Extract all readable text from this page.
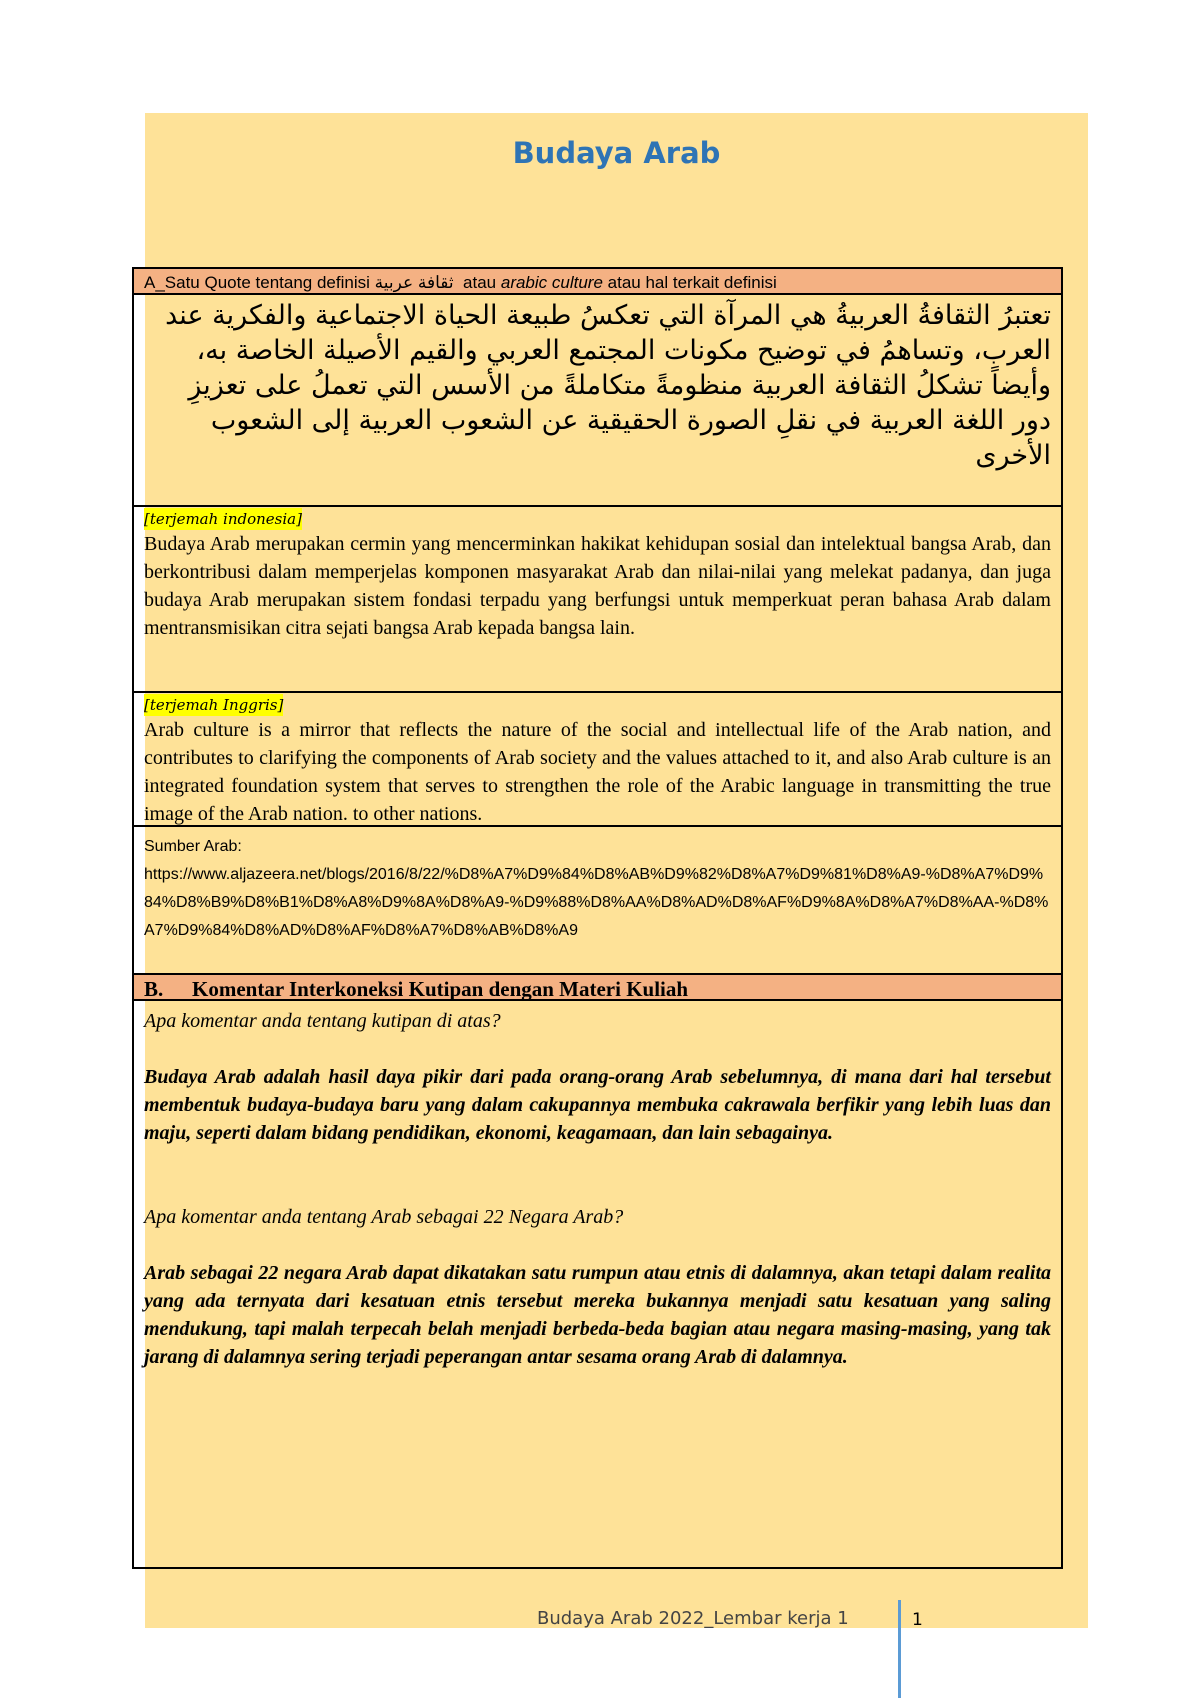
Budaya Arab
A_Satu Quote tentang definisi ثقافة عربية  atau arabic culture atau hal terkait definisi
تعتبرُ الثقافةُ العربيةُ هي المرآة التي تعكسُ طبيعة الحياة الاجتماعية والفكرية عند العرب، وتساهمُ في توضيح مكونات المجتمع العربي والقيم الأصيلة الخاصة به، وأيضاً تشكلُ الثقافة العربية منظومةً متكاملةً من الأسس التي تعملُ على تعزيزِ دور اللغة العربية في نقلِ الصورة الحقيقية عن الشعوب العربية إلى الشعوب الأخرى
[terjemah indonesia]
Budaya Arab merupakan cermin yang mencerminkan hakikat kehidupan sosial dan intelektual bangsa Arab, dan berkontribusi dalam memperjelas komponen masyarakat Arab dan nilai-nilai yang melekat padanya, dan juga budaya Arab merupakan sistem fondasi terpadu yang berfungsi untuk memperkuat peran bahasa Arab dalam mentransmisikan citra sejati bangsa Arab kepada bangsa lain.
[terjemah Inggris]
Arab culture is a mirror that reflects the nature of the social and intellectual life of the Arab nation, and contributes to clarifying the components of Arab society and the values attached to it, and also Arab culture is an integrated foundation system that serves to strengthen the role of the Arabic language in transmitting the true image of the Arab nation. to other nations.
Sumber Arab:
https://www.aljazeera.net/blogs/2016/8/22/%D8%A7%D9%84%D8%AB%D9%82%D8%A7%D9%81%D8%A9-%D8%A7%D9%84%D8%B9%D8%B1%D8%A8%D9%8A%D8%A9-%D9%88%D8%AA%D8%AD%D8%AF%D9%8A%D8%A7%D8%AA-%D8%A7%D9%84%D8%AD%D8%AF%D8%A7%D8%AB%D8%A9
B. Komentar Interkoneksi Kutipan dengan Materi Kuliah

Apa komentar anda tentang kutipan di atas?

Budaya Arab adalah hasil daya pikir dari pada orang-orang Arab sebelumnya, di mana dari hal tersebut membentuk budaya-budaya baru yang dalam cakupannya membuka cakrawala berfikir yang lebih luas dan maju, seperti dalam bidang pendidikan, ekonomi, keagamaan, dan lain sebagainya.

Apa komentar anda tentang Arab sebagai 22 Negara Arab?

Arab sebagai 22 negara Arab dapat dikatakan satu rumpun atau etnis di dalamnya, akan tetapi dalam realita yang ada ternyata dari kesatuan etnis tersebut mereka bukannya menjadi satu kesatuan yang saling mendukung, tapi malah terpecah belah menjadi berbeda-beda bagian atau negara masing-masing, yang tak jarang di dalamnya sering terjadi peperangan antar sesama orang Arab di dalamnya.

Budaya Arab 2022_Lembar kerja 1	1
